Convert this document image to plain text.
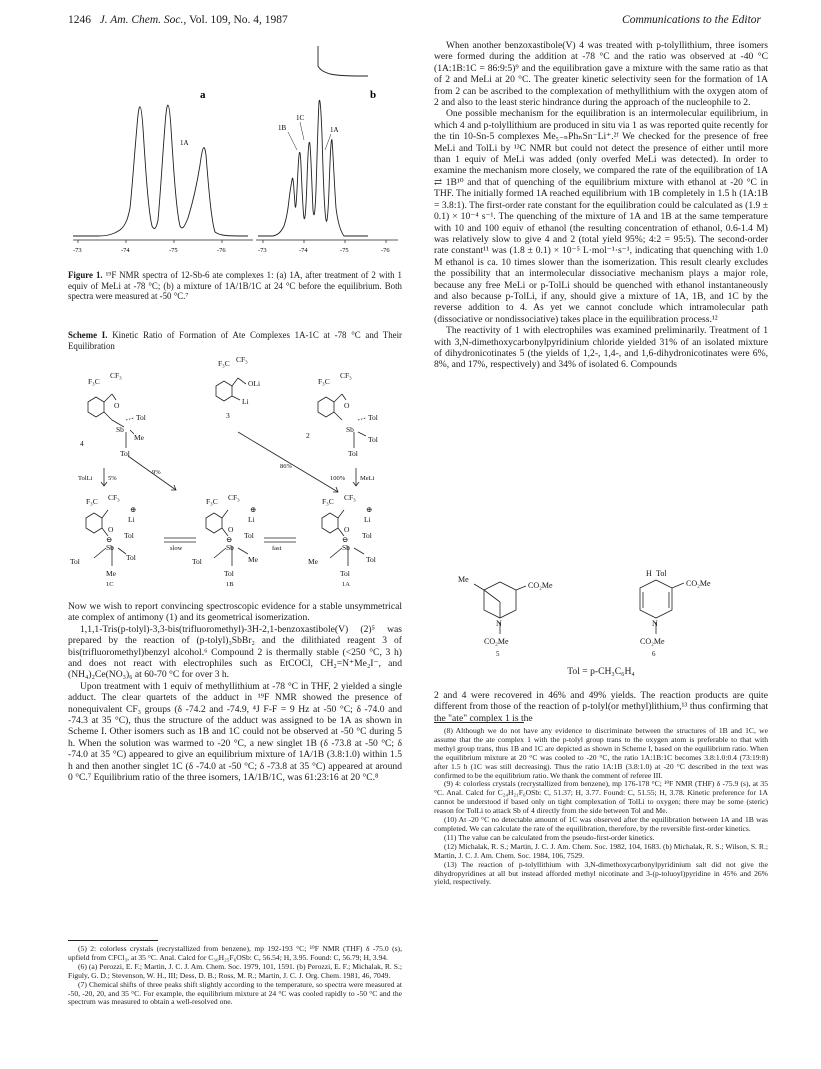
1246 J. Am. Chem. Soc., Vol. 109, No. 4, 1987	Communications to the Editor
a
1A
-73	-74	-75	-76
b
1B
1C
1A
-73	-74	-75	-76
Figure 1. ¹⁹F NMR spectra of 12-Sb-6 ate complexes 1: (a) 1A, after treatment of 2 with 1 equiv of MeLi at -78 °C; (b) a mixture of 1A/1B/1C at 24 °C before the equilibrium. Both spectra were measured at -50 °C.⁷
Scheme I. Kinetic Ratio of Formation of Ate Complexes 1A-1C at -78 °C and Their Equilibration
F₃C
CF₃
O
Sb
Tol
Me
Tol
4
F₃C CF₃
OLi
Li
3
F₃C
CF₃
O
Sb
Tol
Tol
Tol
2
TolLi 5%
9%
86%
100% MeLi
slow	fast
F₃C CF₃
⊕
Li
O
⊖ Tol
Sb
Tol	Tol
Me
1C
F₃C CF₃
⊕
Li
O
⊖ Tol
Sb
Tol	Me
Tol
1B
F₃C CF₃
⊕
Li
O
⊖ Tol
Sb
Me	Tol
Tol
1A

Now we wish to report convincing spectroscopic evidence for a stable unsymmetrical ate complex of antimony (1) and its geometrical isomerization.

1,1,1-Tris(p-tolyl)-3,3-bis(trifluoromethyl)-3H-2,1-benzoxastibole(V) (2)⁵ was prepared by the reaction of (p-tolyl)₃SbBr₂ and the dilithiated reagent 3 of bis(trifluoromethyl)benzyl alcohol.⁶ Compound 2 is thermally stable (<250 °C, 3 h) and does not react with electrophiles such as EtCOCl, CH₂=N⁺Me₂I⁻, and (NH₄)₂Ce(NO₃)₆ at 60-70 °C for over 3 h.

Upon treatment with 1 equiv of methyllithium at -78 °C in THF, 2 yielded a single adduct. The clear quartets of the adduct in ¹⁹F NMR showed the presence of nonequivalent CF₃ groups (δ -74.2 and -74.9, ⁴J F-F = 9 Hz at -50 °C; δ -74.0 and -74.3 at 35 °C), thus the structure of the adduct was assigned to be 1A as shown in Scheme I. Other isomers such as 1B and 1C could not be observed at -50 °C during 5 h. When the solution was warmed to -20 °C, a new singlet 1B (δ -73.8 at -50 °C; δ -74.0 at 35 °C) appeared to give an equilibrium mixture of 1A/1B (3.8:1.0) within 1.5 h and then another singlet 1C (δ -74.0 at -50 °C; δ -73.8 at 35 °C) appeared at around 0 °C.⁷ Equilibrium ratio of the three isomers, 1A/1B/1C, was 61:23:16 at 20 °C.⁸

(5) 2: colorless crystals (recrystallized from benzene), mp 192-193 °C; ¹⁹F NMR (THF) δ -75.0 (s), upfield from CFCl₃, at 35 °C. Anal. Calcd for C₃₀H₂₅F₆OSb: C, 56.54; H, 3.95. Found: C, 56.79; H, 3.94.

(6) (a) Perozzi, E. F.; Martin, J. C. J. Am. Chem. Soc. 1979, 101, 1591. (b) Perozzi, E. F.; Michalak, R. S.; Figuly, G. D.; Stevenson, W. H., III; Dess, D. B.; Ross, M. R.; Martin, J. C. J. Org. Chem. 1981, 46, 7049.

(7) Chemical shifts of three peaks shift slightly according to the temperature, so spectra were measured at -50, -20, 20, and 35 °C. For example, the equilibrium mixture at 24 °C was cooled rapidly to -50 °C and the spectrum was measured to obtain a well-resolved one.

When another benzoxastibole(V) 4 was treated with p-tolyllithium, three isomers were formed during the addition at -78 °C and the ratio was observed at -40 °C (1A:1B:1C = 86:9:5)⁹ and the equilibration gave a mixture with the same ratio as that of 2 and MeLi at 20 °C. The greater kinetic selectivity seen for the formation of 1A from 2 can be ascribed to the complexation of methyllithium with the oxygen atom of 2 and also to the least steric hindrance during the approach of the nucleophile to 2.

One possible mechanism for the equilibration is an intermolecular equilibrium, in which 4 and p-tolyllithium are produced in situ via 1 as was reported quite recently for the tin 10-Sn-5 complexes Me₅₋ₙPhₙSn⁻Li⁺.²ᶠ We checked for the presence of free MeLi and TolLi by ¹³C NMR but could not detect the presence of either until more than 1 equiv of MeLi was added (only overfed MeLi was detected). In order to examine the mechanism more closely, we compared the rate of the equilibration of 1A ⇄ 1B¹⁰ and that of quenching of the equilibrium mixture with ethanol at -20 °C in THF. The initially formed 1A reached equilibrium with 1B completely in 1.5 h (1A:1B = 3.8:1). The first-order rate constant for the equilibration could be calculated as (1.9 ± 0.1) × 10⁻⁴ s⁻¹. The quenching of the mixture of 1A and 1B at the same temperature with 10 and 100 equiv of ethanol (the resulting concentration of ethanol, 0.6-1.4 M) was relatively slow to give 4 and 2 (total yield 95%; 4:2 = 95:5). The second-order rate constant¹¹ was (1.8 ± 0.1) × 10⁻⁵ L·mol⁻¹·s⁻¹, indicating that quenching with 1.0 M ethanol is ca. 10 times slower than the isomerization. This result clearly excludes the possibility that an intermolecular dissociative mechanism plays a major role, because any free MeLi or p-TolLi should be quenched with ethanol instantaneously and also because p-TolLi, if any, should give a mixture of 1A, 1B, and 1C by the reverse addition to 4. As yet we cannot conclude which intramolecular path (dissociative or nondissociative) takes place in the equilibration process.¹²

The reactivity of 1 with electrophiles was examined preliminarily. Treatment of 1 with 3,N-dimethoxycarbonylpyridinium chloride yielded 31% of an isolated mixture of dihydronicotinates 5 (the yields of 1,2-, 1,4-, and 1,6-dihydronicotinates were 6%, 8%, and 17%, respectively) and 34% of isolated 6. Compounds

Me
CO₂Me
N
CO₂Me
5
H Tol
CO₂Me
N
CO₂Me
6
Tol = p-CH₃C₆H₄

2 and 4 were recovered in 46% and 49% yields. The reaction products are quite different from those of the reaction of p-tolyl(or methyl)lithium,¹³ thus confirming that the "ate" complex 1 is the

(8) Although we do not have any evidence to discriminate between the structures of 1B and 1C, we assume that the ate complex 1 with the p-tolyl group trans to the oxygen atom is preferable to that with methyl group trans, thus 1B and 1C are depicted as shown in Scheme I, based on the equilibrium ratio. When the equilibrium mixture at 20 °C was cooled to -20 °C, the ratio 1A:1B:1C becomes 3.8:1.0:0.4 (73:19:8) after 1.5 h (1C was still decreasing). Thus the ratio 1A:1B (3.8:1.0) at -20 °C described in the text was confirmed to be the equilibrium ratio. We thank the comment of referee III.

(9) 4: colorless crystals (recrystallized from benzene), mp 176-178 °C; ¹⁹F NMR (THF) δ -75.9 (s), at 35 °C. Anal. Calcd for C₂₄H₂₁F₆OSb: C, 51.37; H, 3.77. Found: C, 51.55; H, 3.78. Kinetic preference for 1A cannot be understood if based only on tight complexation of TolLi to oxygen; there may be some (steric) reason for TolLi to attack Sb of 4 directly from the side between Tol and Me.

(10) At -20 °C no detectable amount of 1C was observed after the equilibration between 1A and 1B was completed. We can calculate the rate of the equilibration, therefore, by the reversible first-order kinetics.

(11) The value can be calculated from the pseudo-first-order kinetics.

(12) Michalak, R. S.; Martin, J. C. J. Am. Chem. Soc. 1982, 104, 1683. (b) Michalak, R. S.; Wilson, S. R.; Martin, J. C. J. Am. Chem. Soc. 1984, 106, 7529.

(13) The reaction of p-tolyllithium with 3,N-dimethoxycarbonylpyridinium salt did not give the dihydropyridines at all but instead afforded methyl nicotinate and 3-(p-toluoyl)pyridine in 45% and 26% yield, respectively.
